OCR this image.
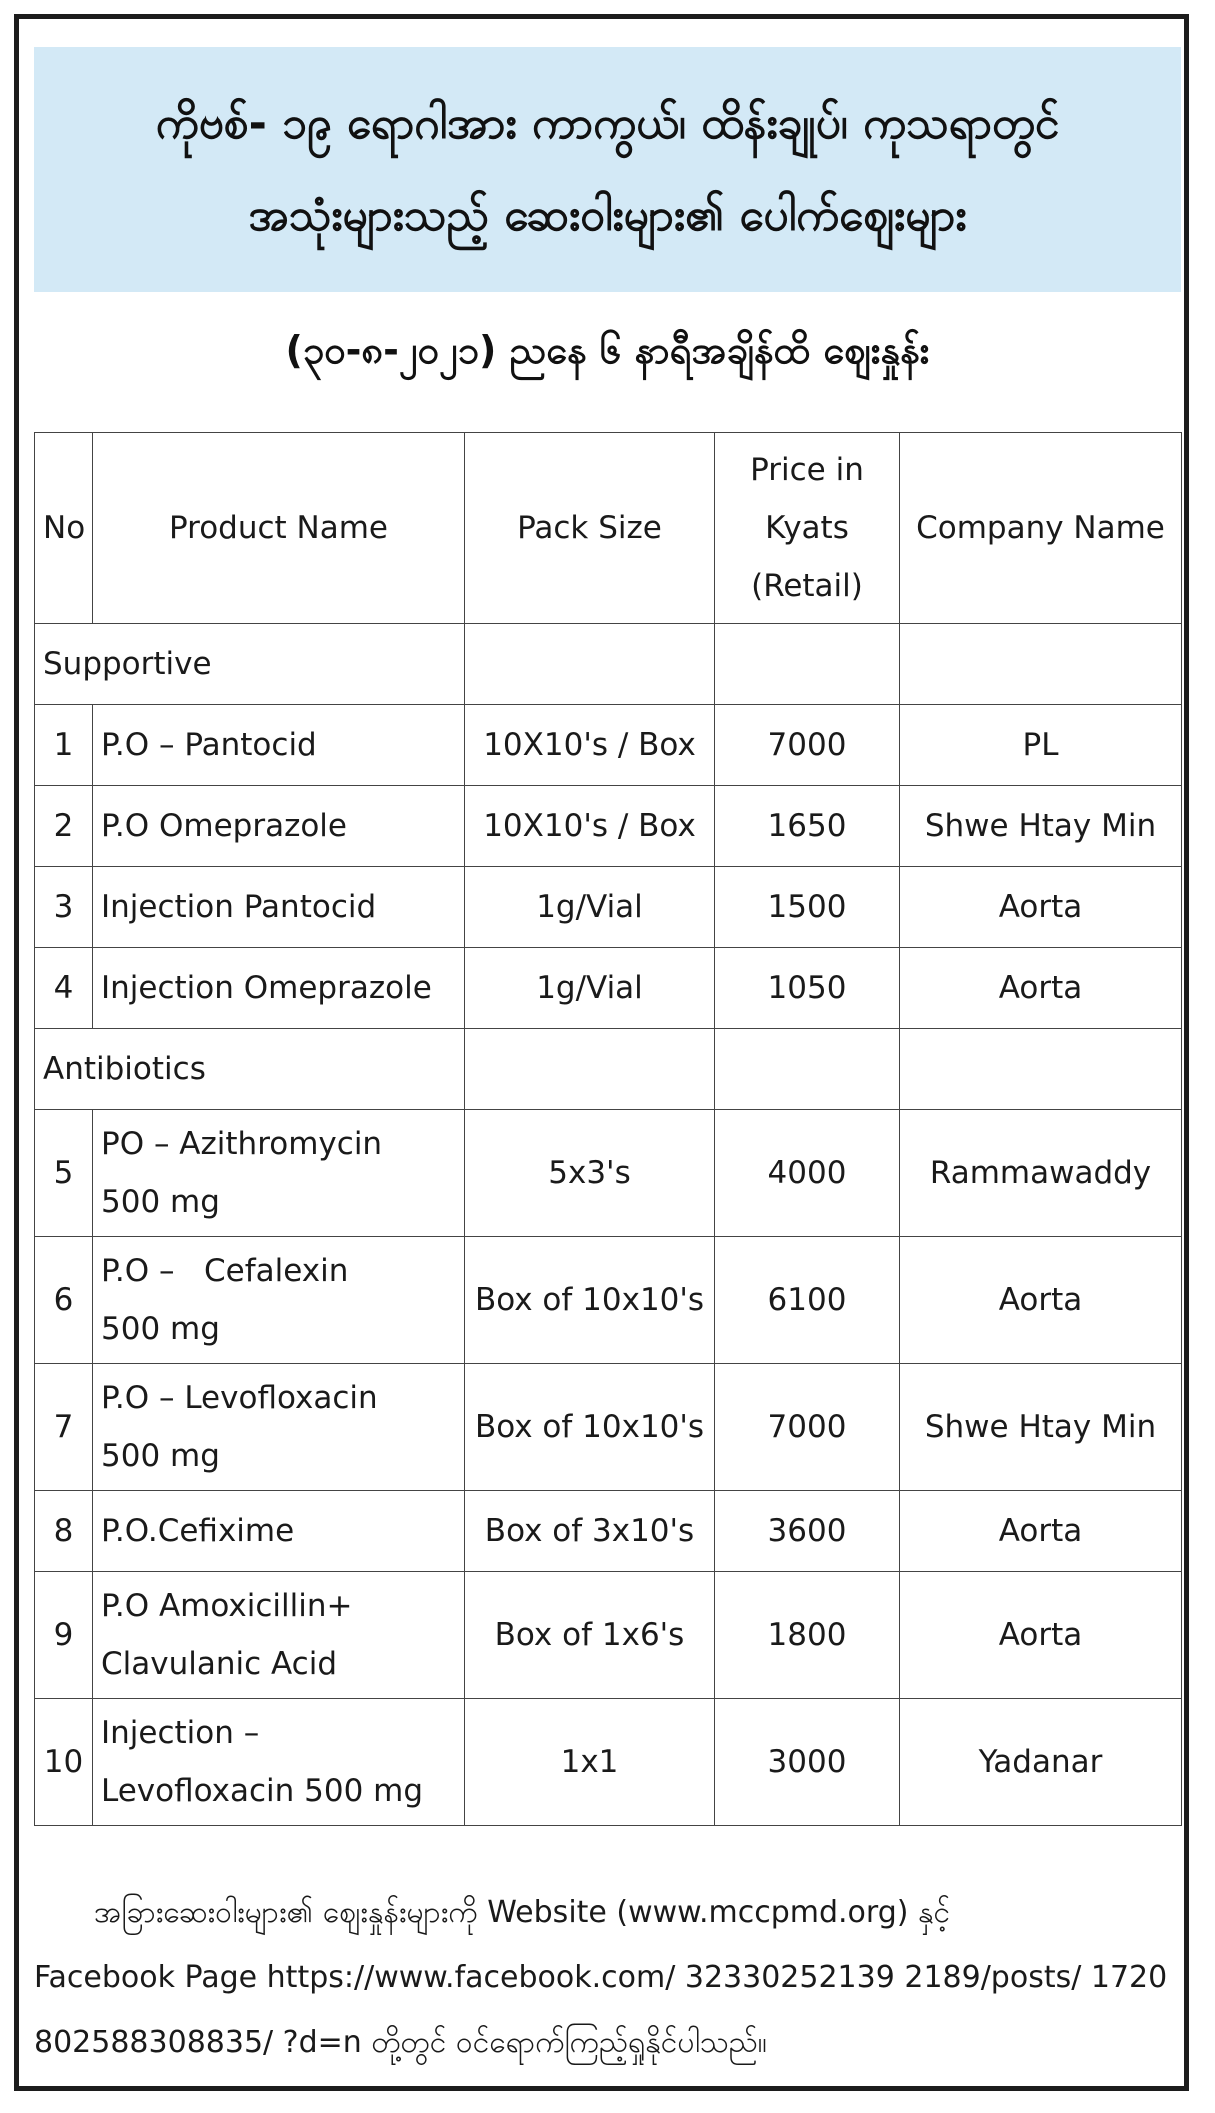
ကိုဗစ်- ၁၉ ရောဂါအား ကာကွယ်၊ ထိန်းချုပ်၊ ကုသရာတွင်
အသုံးများသည့် ဆေးဝါးများ၏ ပေါက်ဈေးများ
(၃၀-၈-၂၀၂၁) ညနေ ၆ နာရီအချိန်ထိ ဈေးနှုန်း
No	Product Name	Pack Size	Price in
Kyats
(Retail)	Company Name
Supportive				
1	P.O – Pantocid	10X10's / Box	7000	PL
2	P.O Omeprazole	10X10's / Box	1650	Shwe Htay Min
3	Injection Pantocid	1g/Vial	1500	Aorta
4	Injection Omeprazole	1g/Vial	1050	Aorta
Antibiotics				
5	PO – Azithromycin
500 mg	5x3's	4000	Rammawaddy
6	P.O –   Cefalexin
500 mg	Box of 10x10's	6100	Aorta
7	P.O – Levofloxacin
500 mg	Box of 10x10's	7000	Shwe Htay Min
8	P.O.Cefixime	Box of 3x10's	3600	Aorta
9	P.O Amoxicillin+
Clavulanic Acid	Box of 1x6's	1800	Aorta
10	Injection –
Levofloxacin 500 mg	1x1	3000	Yadanar
အခြားဆေးဝါးများ၏ ဈေးနှုန်းများကို Website (www.mccpmd.org) နှင့်
Facebook Page https://www.facebook.com/ 32330252139 2189/posts/ 1720
802588308835/ ?d=n တို့တွင် ဝင်ရောက်ကြည့်ရှုနိုင်ပါသည်။
